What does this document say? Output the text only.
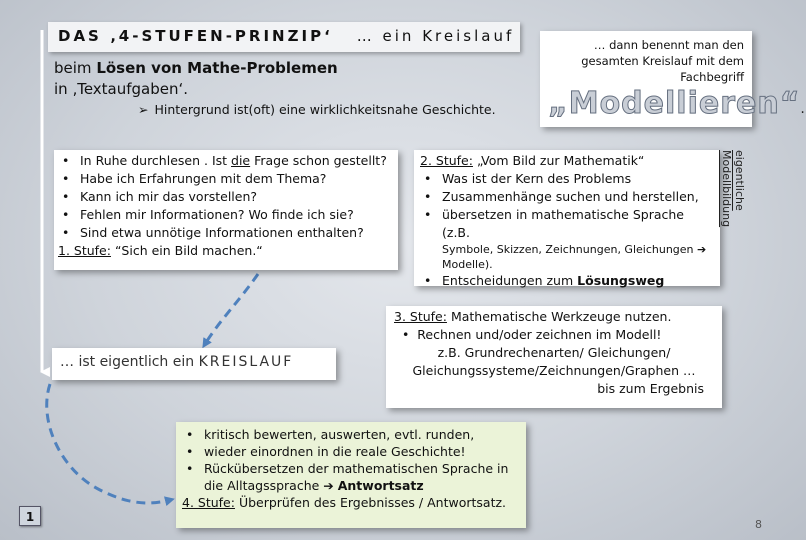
DAS ‚4-STUFEN-PRINZIP‘ … ein Kreislauf
beim Lösen von Mathe-Problemen
in ‚Textaufgaben‘.
➢ Hintergrund ist(oft) eine wirklichkeitsnahe Geschichte.
… dann benennt man den gesamten Kreislauf mit dem Fachbegriff
„Modellieren“.
• In Ruhe durchlesen . Ist die Frage schon gestellt?
• Habe ich Erfahrungen mit dem Thema?
• Kann ich mir das vorstellen?
• Fehlen mir Informationen? Wo finde ich sie?
• Sind etwa unnötige Informationen enthalten?
1. Stufe: “Sich ein Bild machen.“
2. Stufe: „Vom Bild zur Mathematik“
• Was ist der Kern des Problems
• Zusammenhänge suchen und herstellen,
• übersetzen in mathematische Sprache (z.B.
Symbole, Skizzen, Zeichnungen, Gleichungen ➔ Modelle).
• Entscheidungen zum Lösungsweg
eigentliche
Modellbildung
3. Stufe: Mathematische Werkzeuge nutzen.
•  Rechnen und/oder zeichnen im Modell!
z.B. Grundrechenarten/ Gleichungen/
Gleichungssysteme/Zeichnungen/Graphen …
bis zum Ergebnis
… ist eigentlich ein KREISLAUF
• kritisch bewerten, auswerten, evtl. runden,
• wieder einordnen in die reale Geschichte!
• Rückübersetzen der mathematischen Sprache in
die Alltagssprache ➔ Antwortsatz
4. Stufe: Überprüfen des Ergebnisses / Antwortsatz.
1
8
